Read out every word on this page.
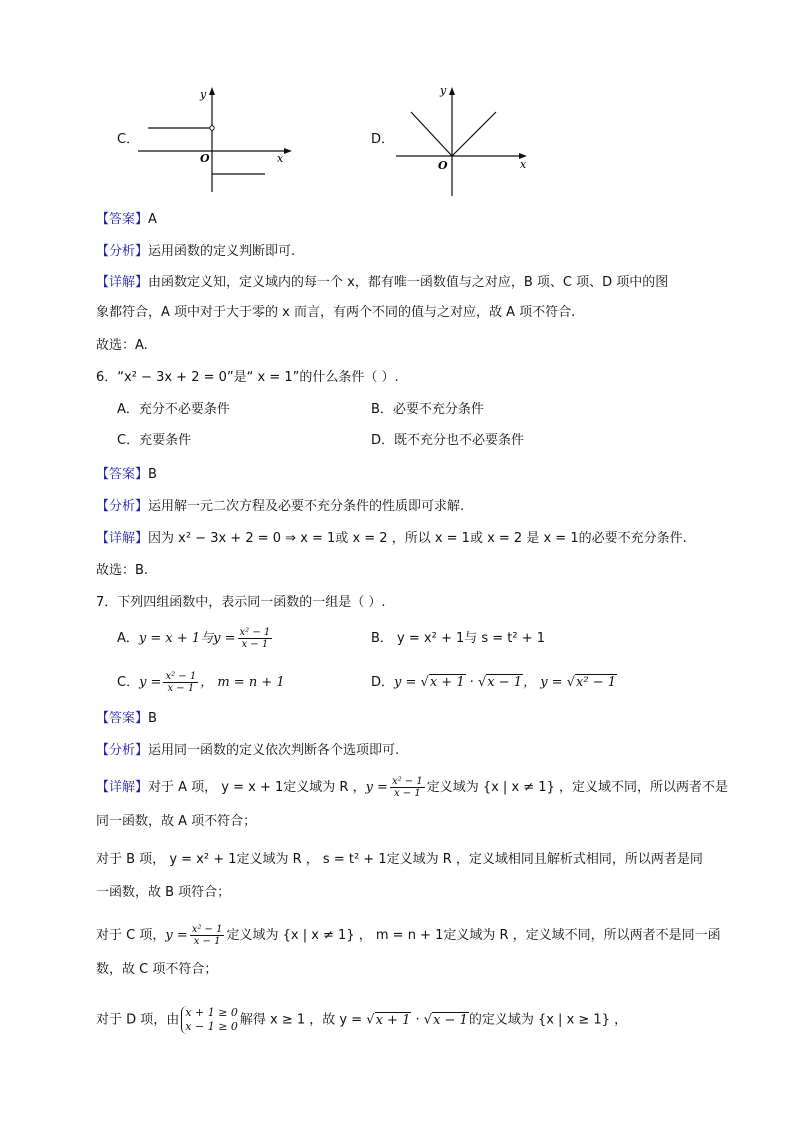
C．
y
x
O
D．
y
x
O
【答案】A
【分析】运用函数的定义判断即可.
【详解】由函数定义知，定义域内的每一个 x，都有唯一函数值与之对应，B 项、C 项、D 项中的图
象都符合，A 项中对于大于零的 x 而言，有两个不同的值与之对应，故 A 项不符合.
故选：A.
6．“x² − 3x + 2 = 0”是“ x = 1”的什么条件（ ）.
A．充分不必要条件	B．必要不充分条件
C．充要条件	D．既不充分也不必要条件
【答案】B
【分析】运用解一元二次方程及必要不充分条件的性质即可求解.
【详解】因为 x² − 3x + 2 = 0 ⇒ x = 1或 x = 2 ，所以 x = 1或 x = 2 是 x = 1的必要不充分条件.
故选：B.
7．下列四组函数中，表示同一函数的一组是（ ）.
A．y = x + 1与$y = \frac{\text{x² − 1}}{x - 1}$	B． y = x² + 1与 s = t² + 1
C．$y = \frac{\text{x² − 1}}{x - 1}$ ， m = n + 1	D．y = √x + 1 · √x − 1， y = √x² − 1
【答案】B
【分析】运用同一函数的定义依次判断各个选项即可.
【详解】对于 A 项， y = x + 1定义域为 R ，$y = \frac{\text{x² − 1}}{x - 1}$ 定义域为 {x | x ≠ 1} ，定义域不同，所以两者不是
同一函数，故 A 项不符合；
对于 B 项， y = x² + 1定义域为 R ， s = t² + 1定义域为 R ，定义域相同且解析式相同，所以两者是同
一函数，故 B 项符合；
对于 C 项，$y = \frac{\text{x² − 1}}{x - 1}$ 定义域为 {x | x ≠ 1} ， m = n + 1定义域为 R ，定义域不同，所以两者不是同一函
数，故 C 项不符合；
对于 D 项，由 x + 1 ≥ 0
x − 1 ≥ 0 解得 x ≥ 1 ，故 y = √x + 1 · √x − 1的定义域为 {x | x ≥ 1} ，
